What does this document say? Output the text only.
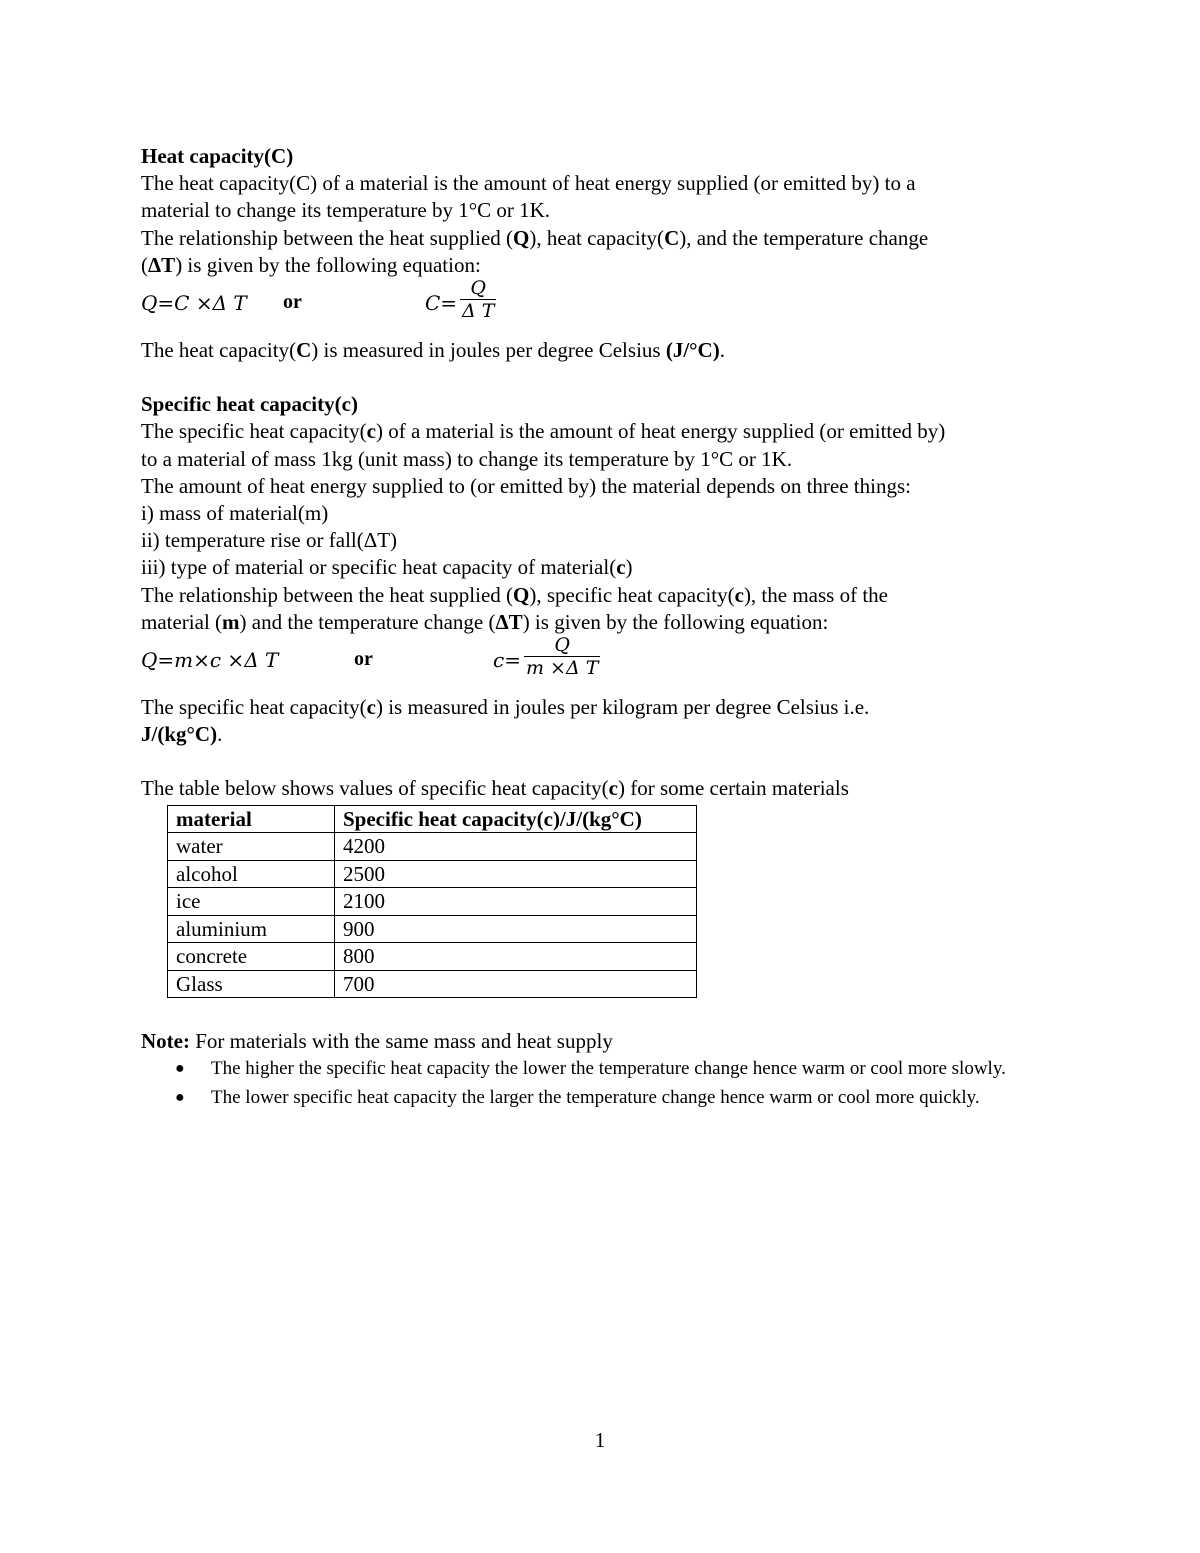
Heat capacity(C)
The heat capacity(C) of a material is the amount of heat energy supplied (or emitted by) to a
material to change its temperature by 1°C or 1K.
The relationship between the heat supplied (Q), heat capacity(C), and the temperature change
(ΔT) is given by the following equation:
Q=C ×Δ T or	$C= \frac{Q}{\text{Δ T}}$
The heat capacity(C) is measured in joules per degree Celsius (J/°C).
Specific heat capacity(c)
The specific heat capacity(c) of a material is the amount of heat energy supplied (or emitted by)
to a material of mass 1kg (unit mass) to change its temperature by 1°C or 1K.
The amount of heat energy supplied to (or emitted by) the material depends on three things:
i) mass of material(m)
ii) temperature rise or fall(ΔT)
iii) type of material or specific heat capacity of material(c)
The relationship between the heat supplied (Q), specific heat capacity(c), the mass of the
material (m) and the temperature change (ΔT) is given by the following equation:
Q=m×c ×Δ T	or	$c= \frac{Q}{\text{m ×Δ T}}$
The specific heat capacity(c) is measured in joules per kilogram per degree Celsius i.e.
J/(kg°C).
The table below shows values of specific heat capacity(c) for some certain materials
material	Specific heat capacity(c)/J/(kg°C)
water	4200
alcohol	2500
ice	2100
aluminium	900
concrete	800
Glass	700
Note: For materials with the same mass and heat supply
● The higher the specific heat capacity the lower the temperature change hence warm or cool more slowly.
● The lower specific heat capacity the larger the temperature change hence warm or cool more quickly.
1
